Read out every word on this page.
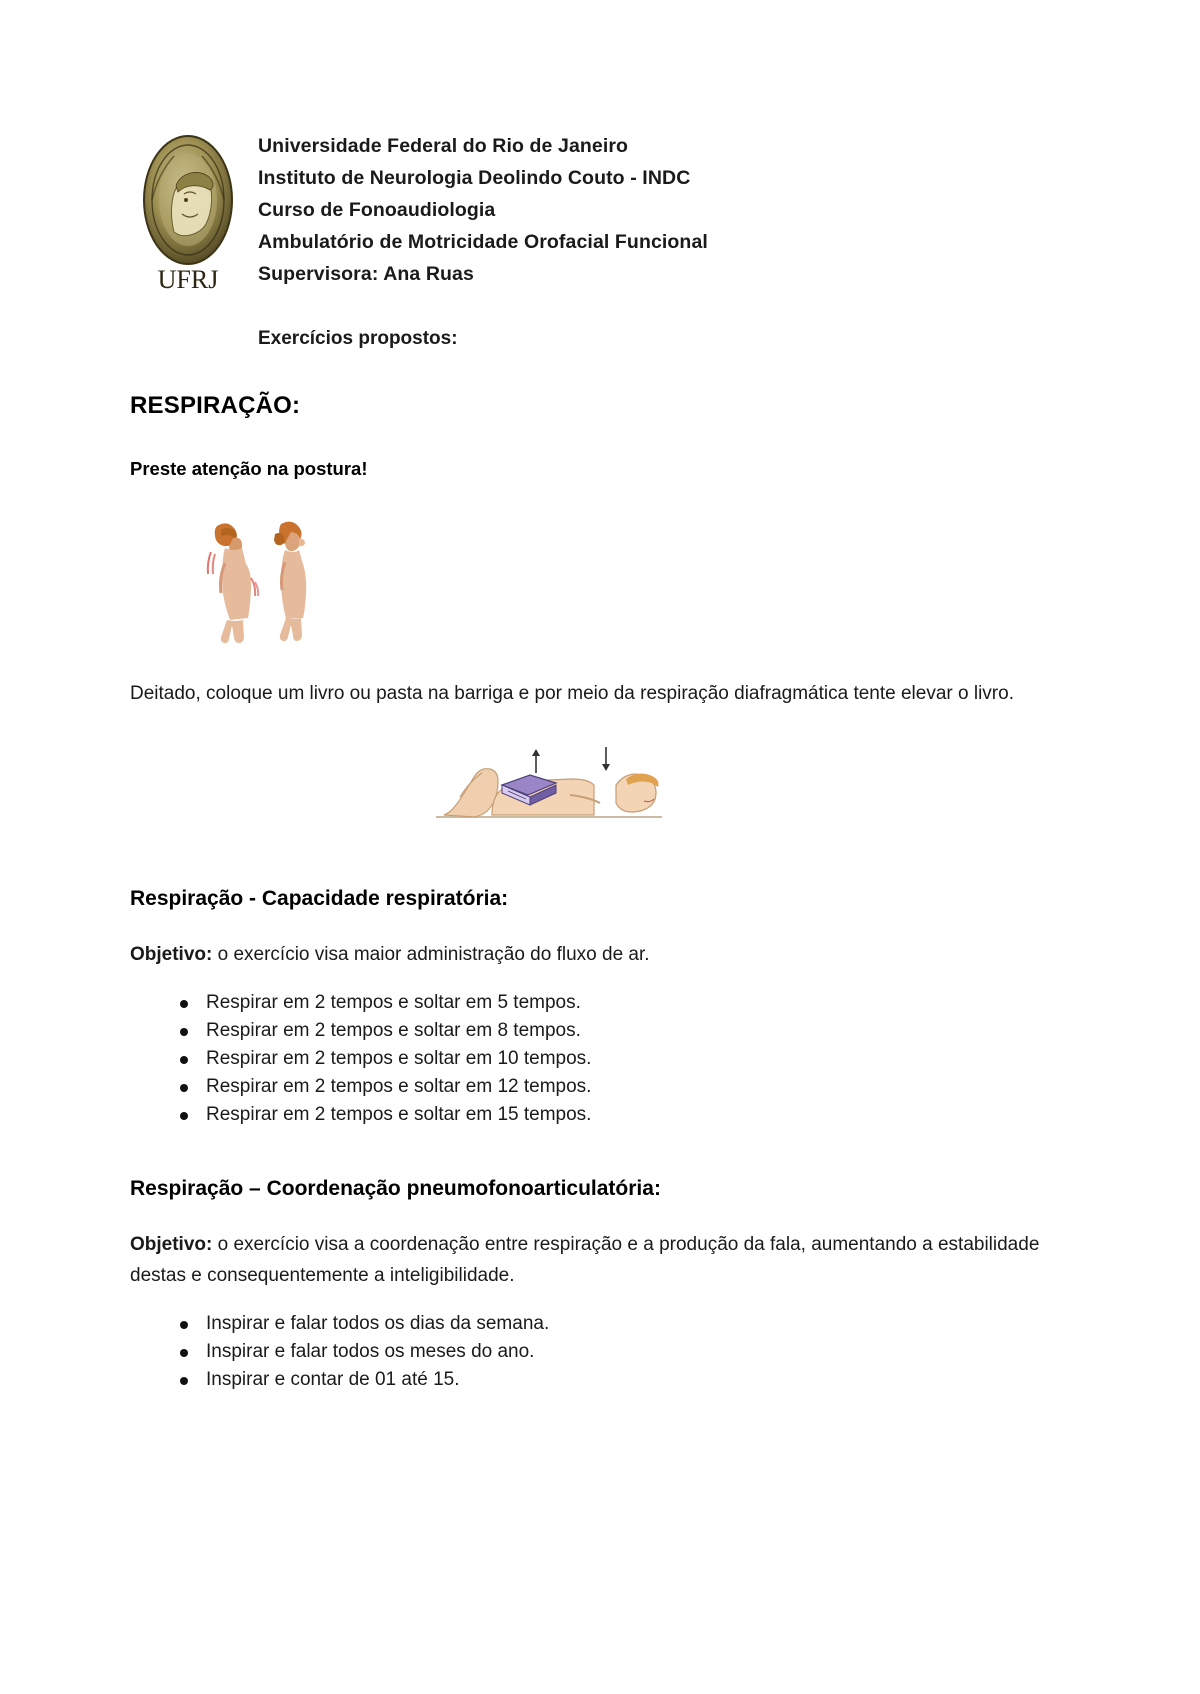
UFRJ
Universidade Federal do Rio de Janeiro
Instituto de Neurologia Deolindo Couto - INDC
Curso de Fonoaudiologia
Ambulatório de Motricidade Orofacial Funcional
Supervisora: Ana Ruas
Exercícios propostos:
RESPIRAÇÃO:
Preste atenção na postura!

Deitado, coloque um livro ou pasta na barriga e por meio da respiração diafragmática tente elevar o livro.

Respiração - Capacidade respiratória:

Objetivo: o exercício visa maior administração do fluxo de ar.

Respirar em 2 tempos e soltar em 5 tempos.
Respirar em 2 tempos e soltar em 8 tempos.
Respirar em 2 tempos e soltar em 10 tempos.
Respirar em 2 tempos e soltar em 12 tempos.
Respirar em 2 tempos e soltar em 15 tempos.
Respiração – Coordenação pneumofonoarticulatória:

Objetivo: o exercício visa a coordenação entre respiração e a produção da fala, aumentando a estabilidade destas e consequentemente a inteligibilidade.

Inspirar e falar todos os dias da semana.
Inspirar e falar todos os meses do ano.
Inspirar e contar de 01 até 15.
